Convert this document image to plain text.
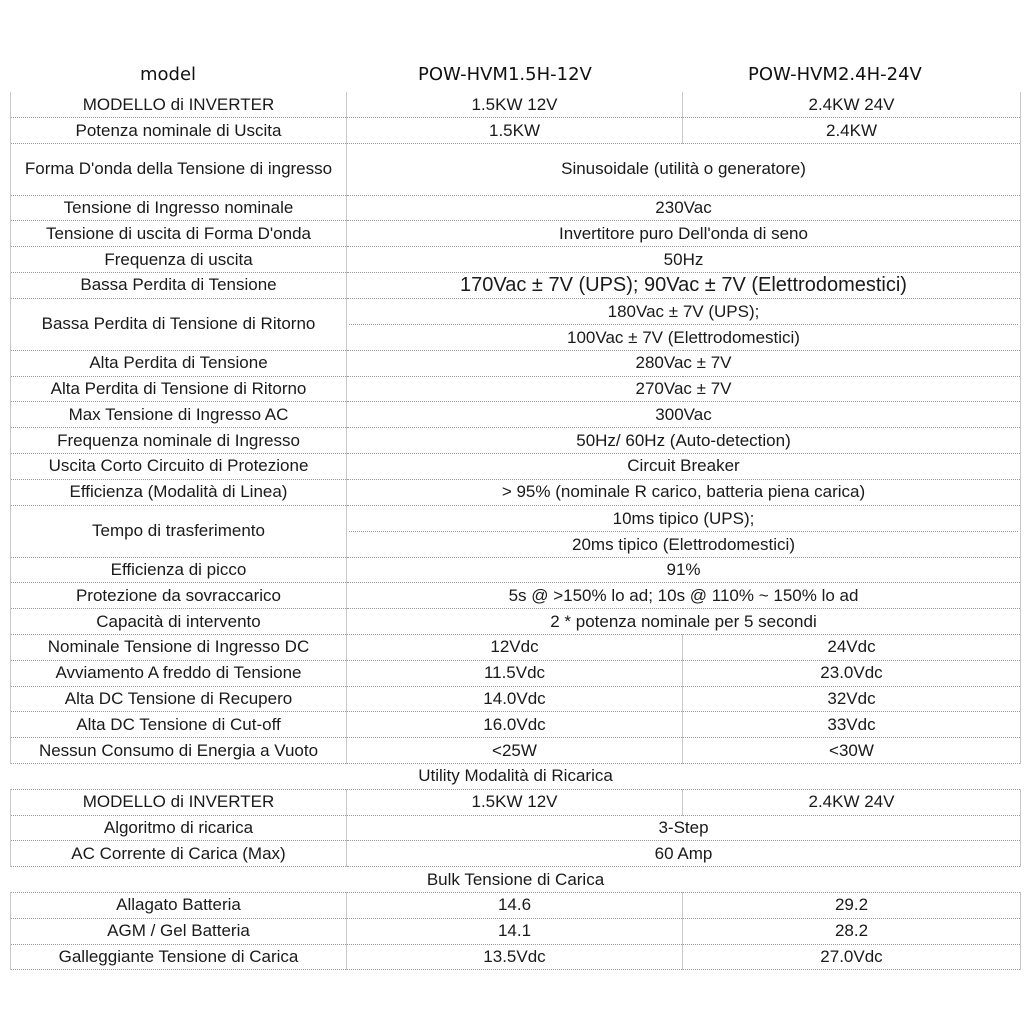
model	POW-HVM1.5H-12V	POW-HVM2.4H-24V
MODELLO di INVERTER	1.5KW 12V	2.4KW 24V
Potenza nominale di Uscita	1.5KW	2.4KW
Forma D'onda della Tensione di ingresso	Sinusoidale (utilità o generatore)	
Tensione di Ingresso nominale	230Vac	
Tensione di uscita di Forma D'onda	Invertitore puro Dell'onda di seno	
Frequenza di uscita	50Hz	
Bassa Perdita di Tensione	170Vac ± 7V (UPS); 90Vac ± 7V (Elettrodomestici)	
Bassa Perdita di Tensione di Ritorno	180Vac ± 7V (UPS);
100Vac ± 7V (Elettrodomestici)	

Alta Perdita di Tensione	280Vac ± 7V	
Alta Perdita di Tensione di Ritorno	270Vac ± 7V	
Max Tensione di Ingresso AC	300Vac	
Frequenza nominale di Ingresso	50Hz/ 60Hz (Auto-detection)	
Uscita Corto Circuito di Protezione	Circuit Breaker	
Efficienza (Modalità di Linea)	> 95% (nominale R carico, batteria piena carica)	
Tempo di trasferimento	10ms tipico (UPS);
20ms tipico (Elettrodomestici)	

Efficienza di picco	91%	
Protezione da sovraccarico	5s @ >150% lo ad; 10s @ 110% ~ 150% lo ad	
Capacità di intervento	2 * potenza nominale per 5 secondi	
Nominale Tensione di Ingresso DC	12Vdc	24Vdc
Avviamento A freddo di Tensione	11.5Vdc	23.0Vdc
Alta DC Tensione di Recupero	14.0Vdc	32Vdc
Alta DC Tensione di Cut-off	16.0Vdc	33Vdc
Nessun Consumo di Energia a Vuoto	<25W	<30W
Utility Modalità di Ricarica		
MODELLO di INVERTER	1.5KW 12V	2.4KW 24V
Algoritmo di ricarica	3-Step	
AC Corrente di Carica (Max)	60 Amp	
Bulk Tensione di Carica		
Allagato Batteria	14.6	29.2
AGM / Gel Batteria	14.1	28.2
Galleggiante Tensione di Carica	13.5Vdc	27.0Vdc
